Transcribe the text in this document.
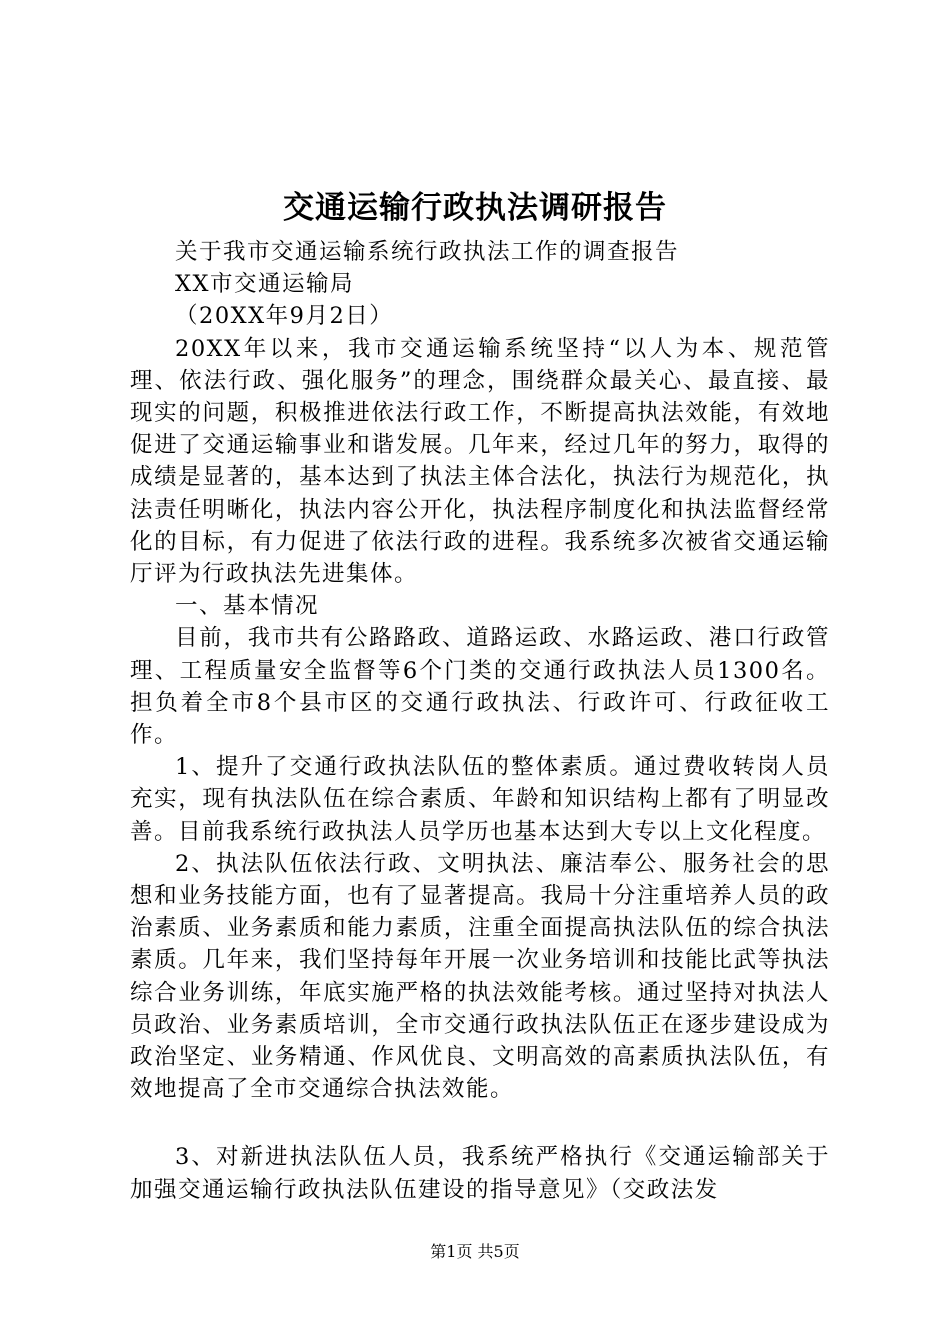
交通运输行政执法调研报告

关于我市交通运输系统行政执法工作的调查报告

XX市交通运输局

（20XX年9月2日）

20XX年以来，我市交通运输系统坚持“以人为本、规范管理、依法行政、强化服务”的理念，围绕群众最关心、最直接、最现实的问题，积极推进依法行政工作，不断提高执法效能，有效地促进了交通运输事业和谐发展。几年来，经过几年的努力，取得的成绩是显著的，基本达到了执法主体合法化，执法行为规范化，执法责任明晰化，执法内容公开化，执法程序制度化和执法监督经常化的目标，有力促进了依法行政的进程。我系统多次被省交通运输厅评为行政执法先进集体。

一、基本情况

目前，我市共有公路路政、道路运政、水路运政、港口行政管理、工程质量安全监督等6个门类的交通行政执法人员1300名。担负着全市8个县市区的交通行政执法、行政许可、行政征收工作。

1、提升了交通行政执法队伍的整体素质。通过费收转岗人员充实，现有执法队伍在综合素质、年龄和知识结构上都有了明显改善。目前我系统行政执法人员学历也基本达到大专以上文化程度。

2、执法队伍依法行政、文明执法、廉洁奉公、服务社会的思想和业务技能方面，也有了显著提高。我局十分注重培养人员的政治素质、业务素质和能力素质，注重全面提高执法队伍的综合执法素质。几年来，我们坚持每年开展一次业务培训和技能比武等执法综合业务训练，年底实施严格的执法效能考核。通过坚持对执法人员政治、业务素质培训，全市交通行政执法队伍正在逐步建设成为政治坚定、业务精通、作风优良、文明高效的高素质执法队伍，有效地提高了全市交通综合执法效能。

3、对新进执法队伍人员，我系统严格执行《交通运输部关于加强交通运输行政执法队伍建设的指导意见》（交政法发

第1页 共5页
